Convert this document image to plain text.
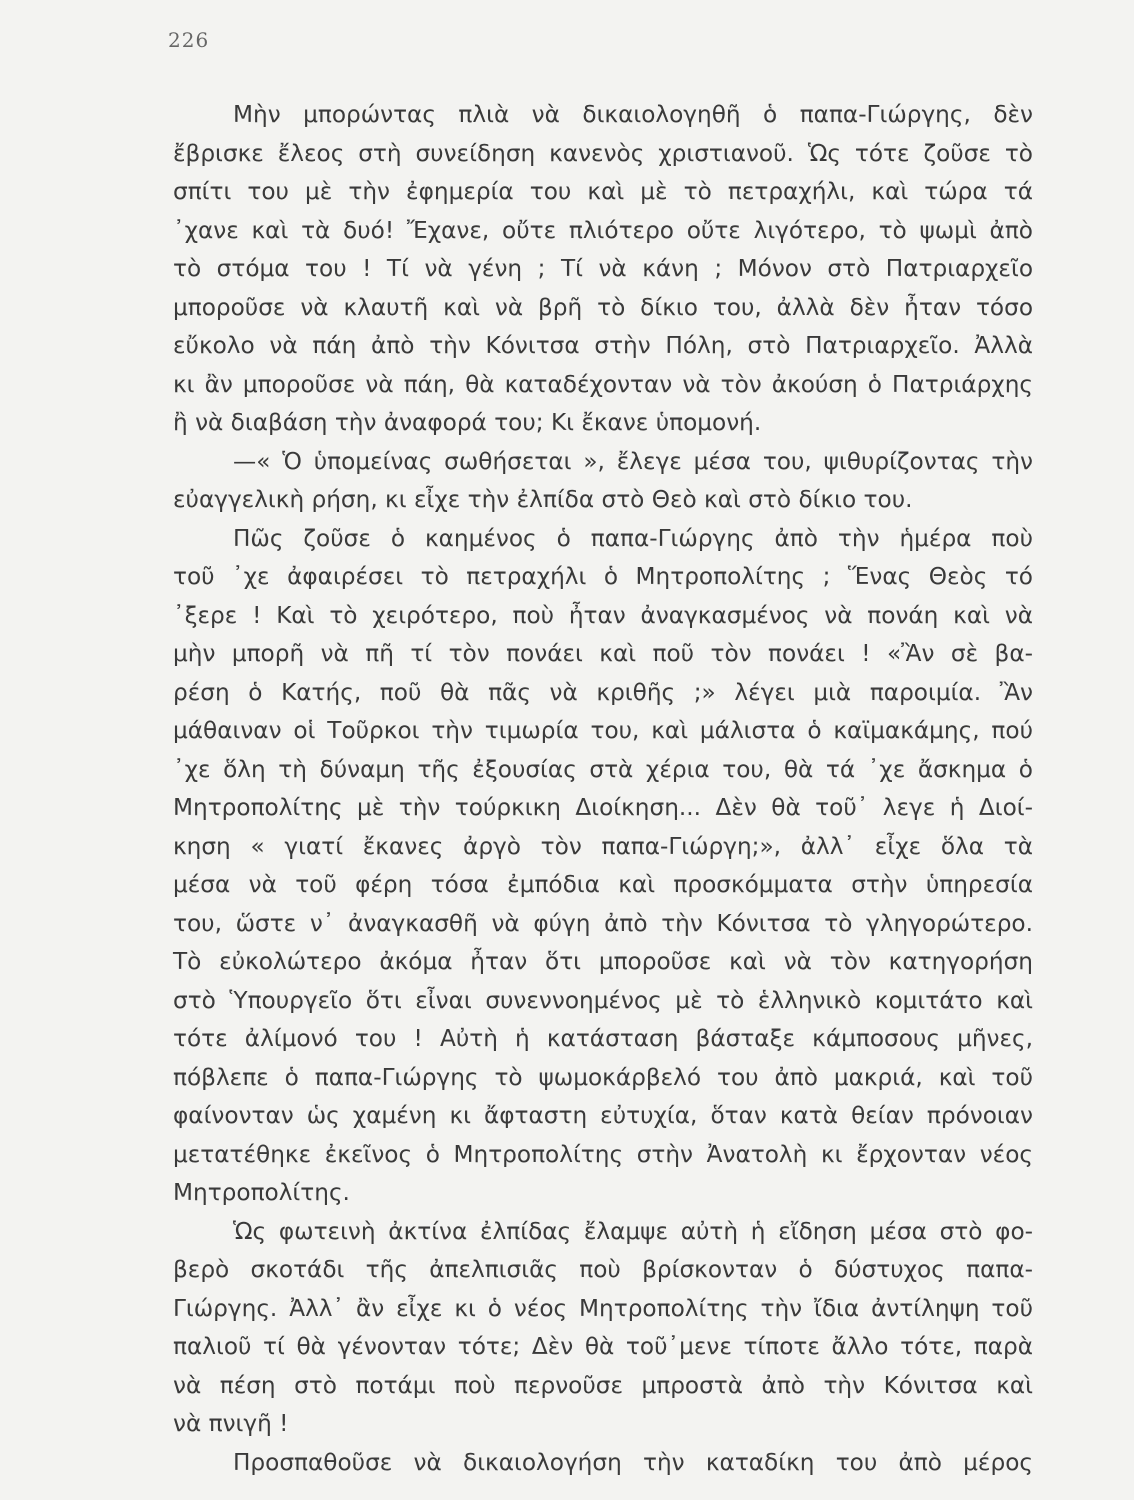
226
Μὴν μπορώντας πλιὰ νὰ δικαιολογηθῆ ὁ παπα-Γιώργης, δὲν
ἔβρισκε ἔλεος στὴ συνείδηση κανενὸς χριστιανοῦ. Ὡς τότε ζοῦσε τὸ
σπίτι του μὲ τὴν ἐφημερία του καὶ μὲ τὸ πετραχήλι, καὶ τώρα τά
᾽χανε καὶ τὰ δυό! Ἔχανε, οὔτε πλιότερο οὔτε λιγότερο, τὸ ψωμὶ ἀπὸ
τὸ στόμα του ! Τί νὰ γένη ; Τί νὰ κάνη ; Μόνον στὸ Πατριαρχεῖο
μποροῦσε νὰ κλαυτῆ καὶ νὰ βρῆ τὸ δίκιο του, ἀλλὰ δὲν ἦταν τόσο
εὔκολο νὰ πάη ἀπὸ τὴν Κόνιτσα στὴν Πόλη, στὸ Πατριαρχεῖο. Ἀλλὰ
κι ἂν μποροῦσε νὰ πάη, θὰ καταδέχονταν νὰ τὸν ἀκούση ὁ Πατριάρχης
ἢ νὰ διαβάση τὴν ἀναφορά του; Κι ἔκανε ὑπομονή.
—« Ὁ ὑπομείνας σωθήσεται », ἔλεγε μέσα του, ψιθυρίζοντας τὴν
εὐαγγελικὴ ρήση, κι εἶχε τὴν ἐλπίδα στὸ Θεὸ καὶ στὸ δίκιο του.
Πῶς ζοῦσε ὁ καημένος ὁ παπα-Γιώργης ἀπὸ τὴν ἡμέρα ποὺ
τοῦ ᾽χε ἀφαιρέσει τὸ πετραχήλι ὁ Μητροπολίτης ; Ἕνας Θεὸς τό
᾽ξερε ! Καὶ τὸ χειρότερο, ποὺ ἦταν ἀναγκασμένος νὰ πονάη καὶ νὰ
μὴν μπορῆ νὰ πῆ τί τὸν πονάει καὶ ποῦ τὸν πονάει ! «Ἂν σὲ βα-
ρέση ὁ Κατής, ποῦ θὰ πᾶς νὰ κριθῆς ;» λέγει μιὰ παροιμία. Ἂν
μάθαιναν οἱ Τοῦρκοι τὴν τιμωρία του, καὶ μάλιστα ὁ καϊμακάμης, πού
᾽χε ὅλη τὴ δύναμη τῆς ἐξουσίας στὰ χέρια του, θὰ τά ᾽χε ἄσκημα ὁ
Μητροπολίτης μὲ τὴν τούρκικη Διοίκηση... Δὲν θὰ τοῦ᾽ λεγε ἡ Διοί-
κηση « γιατί ἔκανες ἀργὸ τὸν παπα-Γιώργη;», ἀλλ᾽ εἶχε ὅλα τὰ
μέσα νὰ τοῦ φέρη τόσα ἐμπόδια καὶ προσκόμματα στὴν ὑπηρεσία
του, ὥστε ν᾽ ἀναγκασθῆ νὰ φύγη ἀπὸ τὴν Κόνιτσα τὸ γληγορώτερο.
Τὸ εὐκολώτερο ἀκόμα ἦταν ὅτι μποροῦσε καὶ νὰ τὸν κατηγορήση
στὸ Ὑπουργεῖο ὅτι εἶναι συνεννοημένος μὲ τὸ ἑλληνικὸ κομιτάτο καὶ
τότε ἀλίμονό του ! Αὐτὴ ἡ κατάσταση βάσταξε κάμποσους μῆνες,
πόβλεπε ὁ παπα-Γιώργης τὸ ψωμοκάρβελό του ἀπὸ μακριά, καὶ τοῦ
φαίνονταν ὡς χαμένη κι ἄφταστη εὐτυχία, ὅταν κατὰ θείαν πρόνοιαν
μετατέθηκε ἐκεῖνος ὁ Μητροπολίτης στὴν Ἀνατολὴ κι ἔρχονταν νέος
Μητροπολίτης.
Ὡς φωτεινὴ ἀκτίνα ἐλπίδας ἔλαμψε αὐτὴ ἡ εἴδηση μέσα στὸ φο-
βερὸ σκοτάδι τῆς ἀπελπισιᾶς ποὺ βρίσκονταν ὁ δύστυχος παπα-
Γιώργης. Ἀλλ᾽ ἂν εἶχε κι ὁ νέος Μητροπολίτης τὴν ἴδια ἀντίληψη τοῦ
παλιοῦ τί θὰ γένονταν τότε; Δὲν θὰ τοῦ᾽μενε τίποτε ἄλλο τότε, παρὰ
νὰ πέση στὸ ποτάμι ποὺ περνοῦσε μπροστὰ ἀπὸ τὴν Κόνιτσα καὶ
νὰ πνιγῆ !
Προσπαθοῦσε νὰ δικαιολογήση τὴν καταδίκη του ἀπὸ μέρος
